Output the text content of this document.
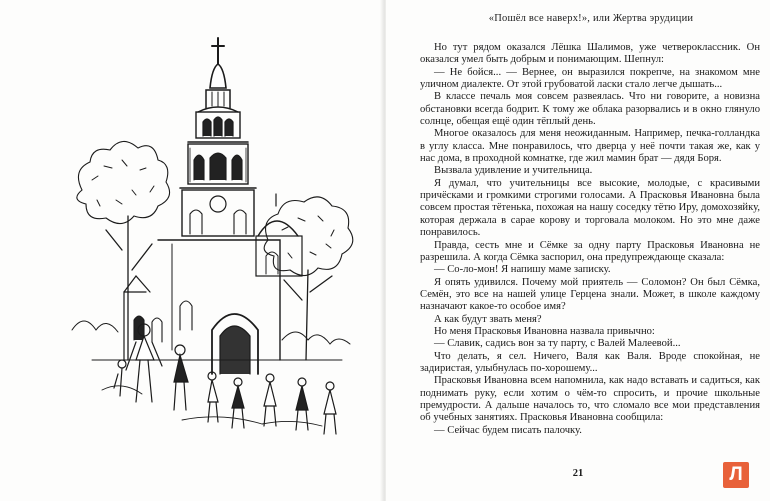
«Пошёл все наверх!», или Жертва эрудиции

Но тут рядом оказался Лёшка Шалимов, уже четвероклассник. Он оказался умел быть добрым и понимающим. Шепнул:

— Не бойся... — Вернее, он выразился покрепче, на знакомом мне уличном диалекте. От этой грубоватой ласки стало легче дышать...

В классе печаль моя совсем развеялась. Что ни говорите, а новизна обстановки всегда бодрит. К тому же облака разорвались и в окно глянуло солнце, обещая ещё один тёплый день.

Многое оказалось для меня неожиданным. Например, печка-голландка в углу класса. Мне понравилось, что дверца у неё почти такая же, как у нас дома, в проходной комнатке, где жил мамин брат — дядя Боря.

Вызвала удивление и учительница.

Я думал, что учительницы все высокие, молодые, с красивыми причёсками и громкими строгими голосами. А Прасковья Ивановна была совсем простая тётенька, похожая на нашу соседку тётю Иру, домохозяйку, которая держала в сарае корову и торговала молоком. Но это мне даже понравилось.

Правда, сесть мне и Сёмке за одну парту Прасковья Ивановна не разрешила. А когда Сёмка заспорил, она предупреждающе сказала:

— Со-ло-мон! Я напишу маме записку.

Я опять удивился. Почему мой приятель — Соломон? Он был Сёмка, Семён, это все на нашей улице Герцена знали. Может, в школе каждому назначают какое-то особое имя?

А как будут звать меня?

Но меня Прасковья Ивановна назвала привычно:

— Славик, садись вон за ту парту, с Валей Малеевой...

Что делать, я сел. Ничего, Валя как Валя. Вроде спокойная, не задиристая, улыбнулась по-хорошему...

Прасковья Ивановна всем напомнила, как надо вставать и садиться, как поднимать руку, если хотим о чём-то спросить, и прочие школьные премудрости. А дальше началось то, что сломало все мои представления об учебных занятиях. Прасковья Ивановна сообщила:

— Сейчас будем писать палочку.

21	Л
